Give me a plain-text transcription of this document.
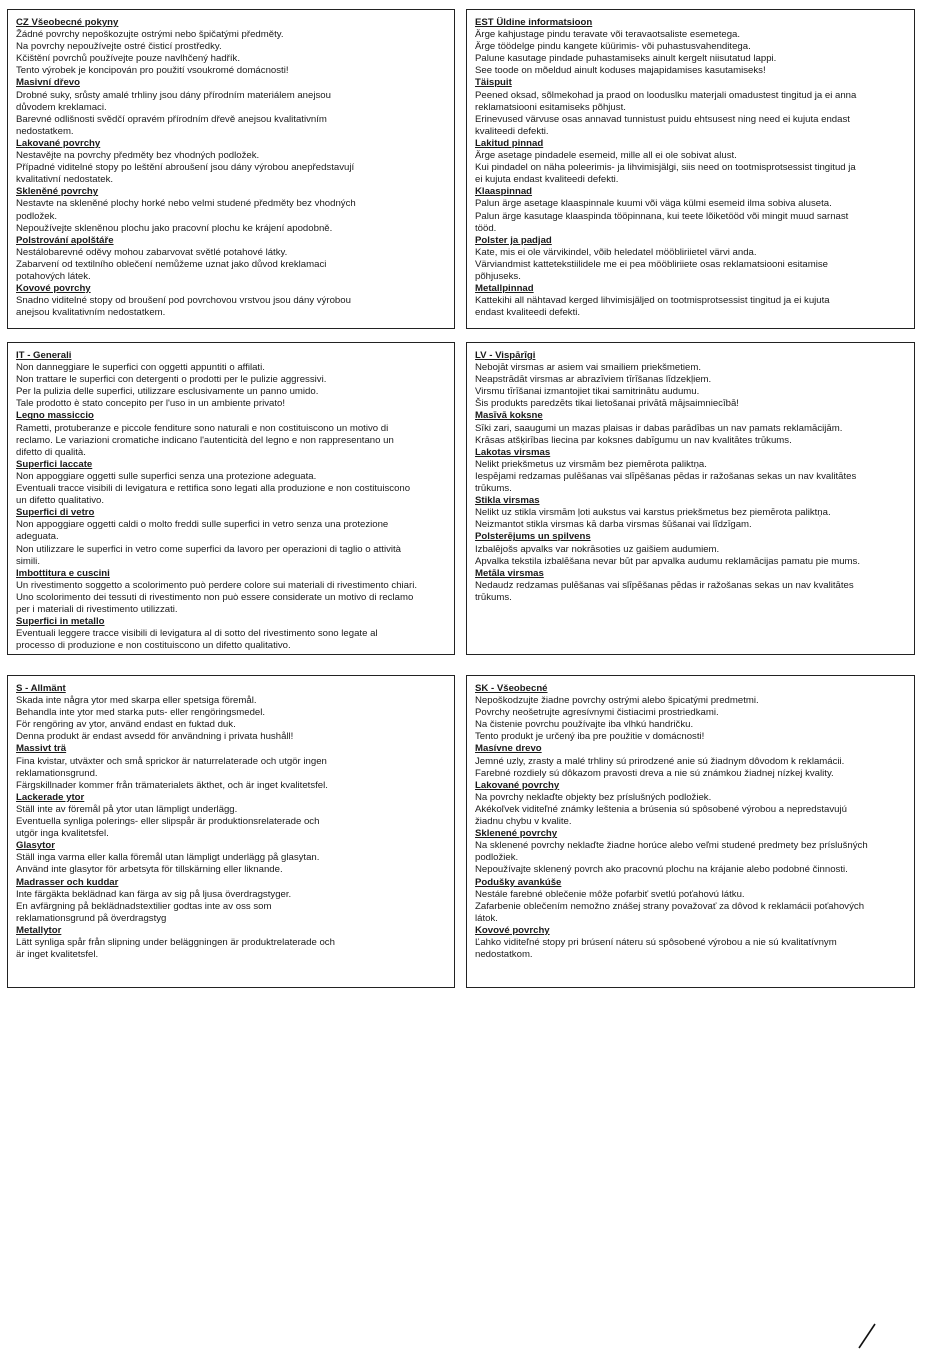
CZ Všeobecné pokyny

Žádné povrchy nepoškozujte ostrými nebo špičatými předměty.

Na povrchy nepoužívejte ostré čisticí prostředky.

Kčištění povrchů používejte pouze navlhčený hadřík.

Tento výrobek je koncipován pro použití vsoukromé domácnosti!

Masivní dřevo

Drobné suky, srůsty amalé trhliny jsou dány přírodním materiálem anejsou

důvodem kreklamaci.

Barevné odlišnosti svědčí opravém přírodním dřevě anejsou kvalitativním

nedostatkem.

Lakované povrchy

Nestavějte na povrchy předměty bez vhodných podložek.

Případné viditelné stopy po leštění abroušení jsou dány výrobou anepředstavují

kvalitativní nedostatek.

Skleněné povrchy

Nestavte na skleněné plochy horké nebo velmi studené předměty bez vhodných

podložek.

Nepoužívejte skleněnou plochu jako pracovní plochu ke krájení apodobně.

Polstrování apolštáře

Nestálobarevné oděvy mohou zabarvovat světlé potahové látky.

Zabarvení od textilního oblečení nemůžeme uznat jako důvod kreklamaci

potahových látek.

Kovové povrchy

Snadno viditelné stopy od broušení pod povrchovou vrstvou jsou dány výrobou

anejsou kvalitativním nedostatkem.

EST Üldine informatsioon

Ärge kahjustage pindu teravate või teravaotsaliste esemetega.

Ärge töödelge pindu kangete küürimis- või puhastusvahenditega.

Palune kasutage pindade puhastamiseks ainult kergelt niisutatud lappi.

See toode on mõeldud ainult koduses majapidamises kasutamiseks!

Täispuit

Peened oksad, sõlmekohad ja praod on looduslku materjali omadustest tingitud ja ei anna

reklamatsiooni esitamiseks põhjust.

Erinevused värvuse osas annavad tunnistust puidu ehtsusest ning need ei kujuta endast

kvaliteedi defekti.

Lakitud pinnad

Ärge asetage pindadele esemeid, mille all ei ole sobivat alust.

Kui pindadel on näha poleerimis- ja lihvimisjälgi, siis need on tootmisprotsessist tingitud ja

ei kujuta endast kvaliteedi defekti.

Klaaspinnad

Palun ärge asetage klaaspinnale kuumi või väga külmi esemeid ilma sobiva aluseta.

Palun ärge kasutage klaaspinda tööpinnana, kui teete lõiketööd või mingit muud sarnast

tööd.

Polster ja padjad

Kate, mis ei ole värvikindel, võib heledatel mööbliriietel värvi anda.

Värviandmist kattetekstiilidele me ei pea mööbliriiete osas reklamatsiooni esitamise

põhjuseks.

Metallpinnad

Kattekihi all nähtavad kerged lihvimisjäljed on tootmisprotsessist tingitud ja ei kujuta

endast kvaliteedi defekti.

IT - Generali

Non danneggiare le superfici con oggetti appuntiti o affilati.

Non trattare le superfici con detergenti o prodotti per le pulizie aggressivi.

Per la pulizia delle superfici, utilizzare esclusivamente un panno umido.

Tale prodotto è stato concepito per l'uso in un ambiente privato!

Legno massiccio

Rametti, protuberanze e piccole fenditure sono naturali e non costituiscono un motivo di

reclamo. Le variazioni cromatiche indicano l'autenticità del legno e non rappresentano un

difetto di qualità.

Superfici laccate

Non appoggiare oggetti sulle superfici senza una protezione adeguata.

Eventuali tracce visibili di levigatura e rettifica sono legati alla produzione e non costituiscono

un difetto qualitativo.

Superfici di vetro

Non appoggiare oggetti caldi o molto freddi sulle superfici in vetro senza una protezione

adeguata.

Non utilizzare le superfici in vetro come superfici da lavoro per operazioni di taglio o attività

simili.

Imbottitura e cuscini

Un rivestimento soggetto a scolorimento può perdere colore sui materiali di rivestimento chiari.

Uno scolorimento dei tessuti di rivestimento non può essere considerate un motivo di reclamo

per i materiali di rivestimento utilizzati.

Superfici in metallo

Eventuali leggere tracce visibili di levigatura al di sotto del rivestimento sono legate al

processo di produzione e non costituiscono un difetto qualitativo.

LV - Vispārīgi

Nebojāt virsmas ar asiem vai smailiem priekšmetiem.

Neapstrādāt virsmas ar abrazīviem tīrīšanas līdzekļiem.

Virsmu tīrīšanai izmantojiet tikai samitrinātu audumu.

Šis produkts paredzēts tikai lietošanai privātā mājsaimniecībā!

Masīvā koksne

Sīki zari, saaugumi un mazas plaisas ir dabas parādības un nav pamats reklamācijām.

Krāsas atšķirības liecina par koksnes dabīgumu un nav kvalitātes trūkums.

Lakotas virsmas

Nelikt priekšmetus uz virsmām bez piemērota paliktņa.

Iespējami redzamas pulēšanas vai slīpēšanas pēdas ir ražošanas sekas un nav kvalitātes

trūkums.

Stikla virsmas

Nelikt uz stikla virsmām ļoti aukstus vai karstus priekšmetus bez piemērota paliktņa.

Neizmantot stikla virsmas kā darba virsmas šūšanai vai līdzīgam.

Polsterējums un spilvens

Izbalējošs apvalks var nokrāsoties uz gaišiem audumiem.

Apvalka tekstila izbalēšana nevar būt par apvalka audumu reklamācijas pamatu pie mums.

Metāla virsmas

Nedaudz redzamas pulēšanas vai slīpēšanas pēdas ir ražošanas sekas un nav kvalitātes

trūkums.

S - Allmänt

Skada inte några ytor med skarpa eller spetsiga föremål.

Behandla inte ytor med starka puts- eller rengöringsmedel.

För rengöring av ytor, använd endast en fuktad duk.

Denna produkt är endast avsedd för användning i privata hushåll!

Massivt trä

Fina kvistar, utväxter och små sprickor är naturrelaterade och utgör ingen

reklamationsgrund.

Färgskillnader kommer från trämaterialets äkthet, och är inget kvalitetsfel.

Lackerade ytor

Ställ inte av föremål på ytor utan lämpligt underlägg.

Eventuella synliga polerings- eller slipspår är produktionsrelaterade och

utgör inga kvalitetsfel.

Glasytor

Ställ inga varma eller kalla föremål utan lämpligt underlägg på glasytan.

Använd inte glasytor för arbetsyta för tillskärning eller liknande.

Madrasser och kuddar

Inte färgäkta beklädnad kan färga av sig på ljusa överdragstyger.

En avfärgning på beklädnadstextilier godtas inte av oss som

reklamationsgrund på överdragstyg

Metallytor

Lätt synliga spår från slipning under beläggningen är produktrelaterade och

är inget kvalitetsfel.

SK - Všeobecné

Nepoškodzujte žiadne povrchy ostrými alebo špicatými predmetmi.

Povrchy neošetrujte agresívnymi čistiacimi prostriedkami.

Na čistenie povrchu používajte iba vlhkú handričku.

Tento produkt je určený iba pre použitie v domácnosti!

Masívne drevo

Jemné uzly, zrasty a malé trhliny sú prirodzené anie sú žiadnym dôvodom k reklamácii.

Farebné rozdiely sú dôkazom pravosti dreva a nie sú známkou žiadnej nízkej kvality.

Lakované povrchy

Na povrchy neklaďte objekty bez príslušných podložiek.

Akékoľvek viditeľné známky leštenia a brúsenia sú spôsobené výrobou a nepredstavujú

žiadnu chybu v kvalite.

Sklenené povrchy

Na sklenené povrchy neklaďte žiadne horúce alebo veľmi studené predmety bez príslušných

podložiek.

Nepoužívajte sklenený povrch ako pracovnú plochu na krájanie alebo podobné činnosti.

Podušky avankúše

Nestále farebné oblečenie môže pofarbiť svetlú poťahovú látku.

Zafarbenie oblečením nemožno znášej strany považovať za dôvod k reklamácii poťahových

látok.

Kovové povrchy

Ľahko viditeľné stopy pri brúsení náteru sú spôsobené výrobou a nie sú kvalitatívnym

nedostatkom.
